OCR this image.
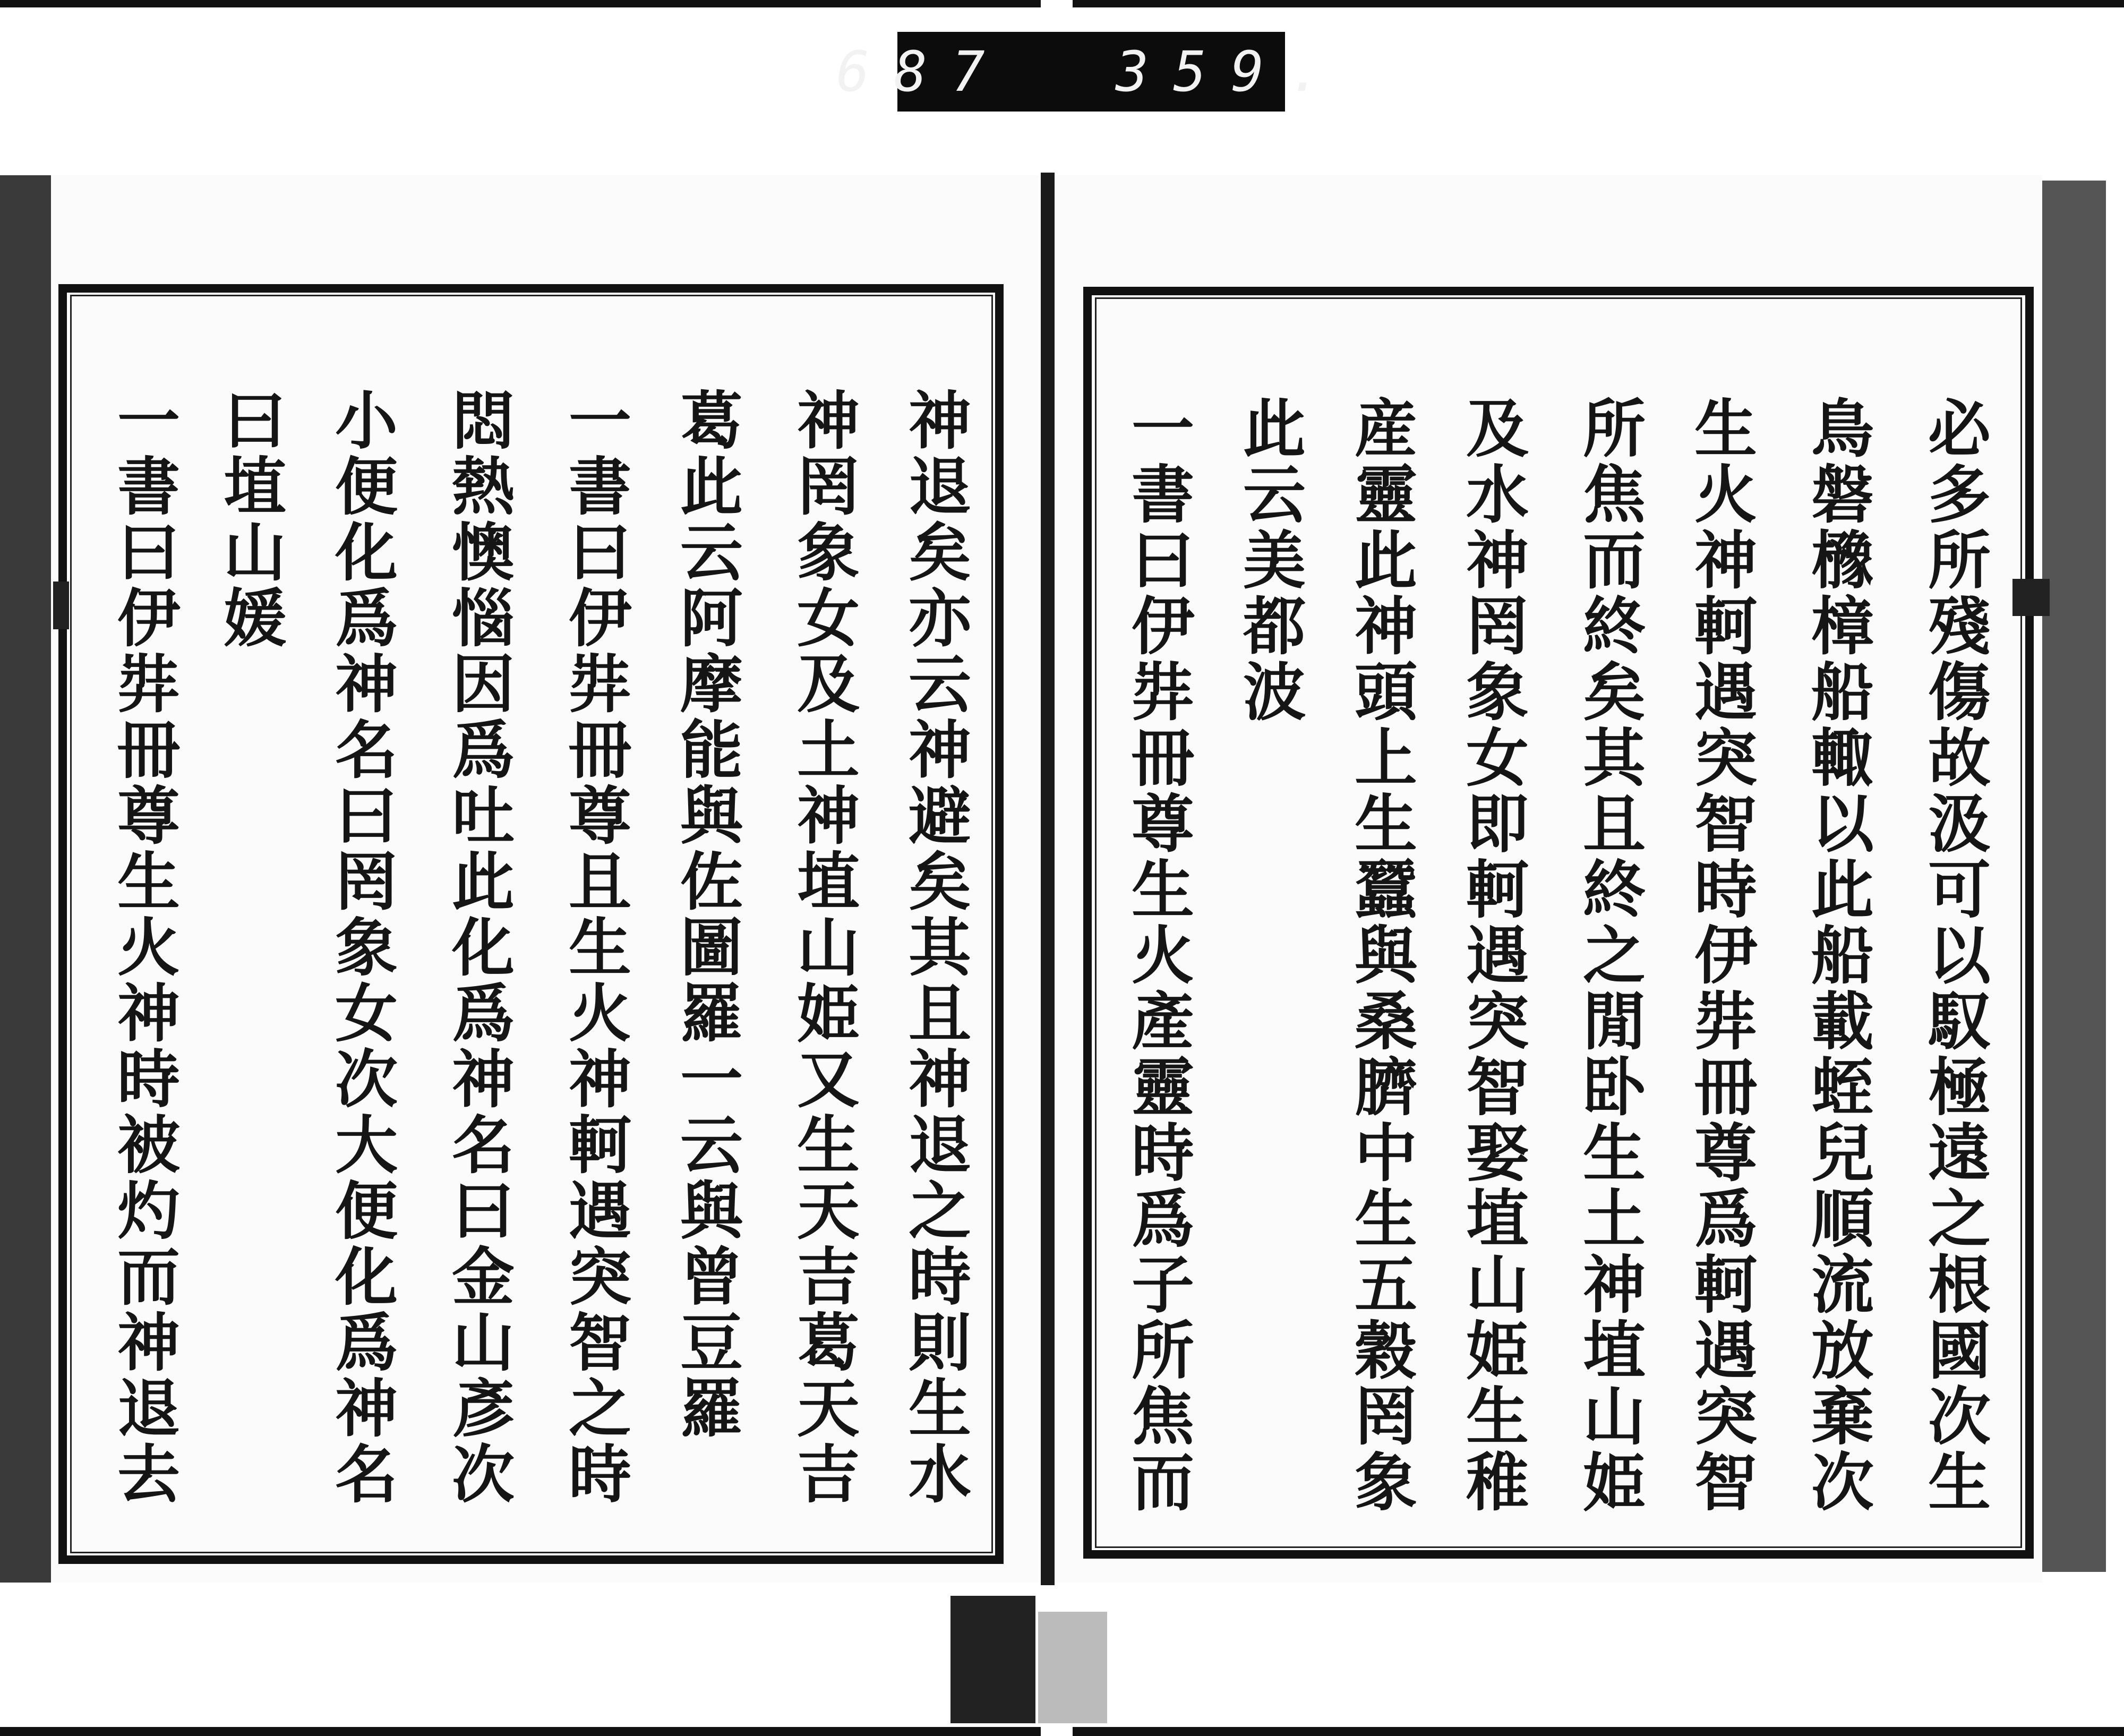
687 359.
必多所殘傷故汲可以馭極遠之根國次生
鳥磐櫲樟船輙以此船載蛭兒順流放棄次
生火神軻遇突智時伊弉冊尊爲軻遇突智
所焦而終矣其且終之閒卧生土神埴山姫
及水神罔象女即軻遇突智娶埴山姫生稚
産靈此神頭上生蠶與桑臍中生五穀罔象
此云美都波
一書曰伊弉冊尊生火產靈時爲子所焦而
神退矣亦云神避矣其且神退之時則生水
神罔象女及土神埴山姫又生天吉葛天吉
葛此云阿摩能與佐圖羅一云與曾豆羅
一書曰伊弉冊尊且生火神軻遇突智之時
悶熱懊惱因爲吐此化爲神名曰金山彥次
小便化爲神名曰罔象女次大便化爲神名
曰埴山媛
一書曰伊弉冊尊生火神時被灼而神退去
